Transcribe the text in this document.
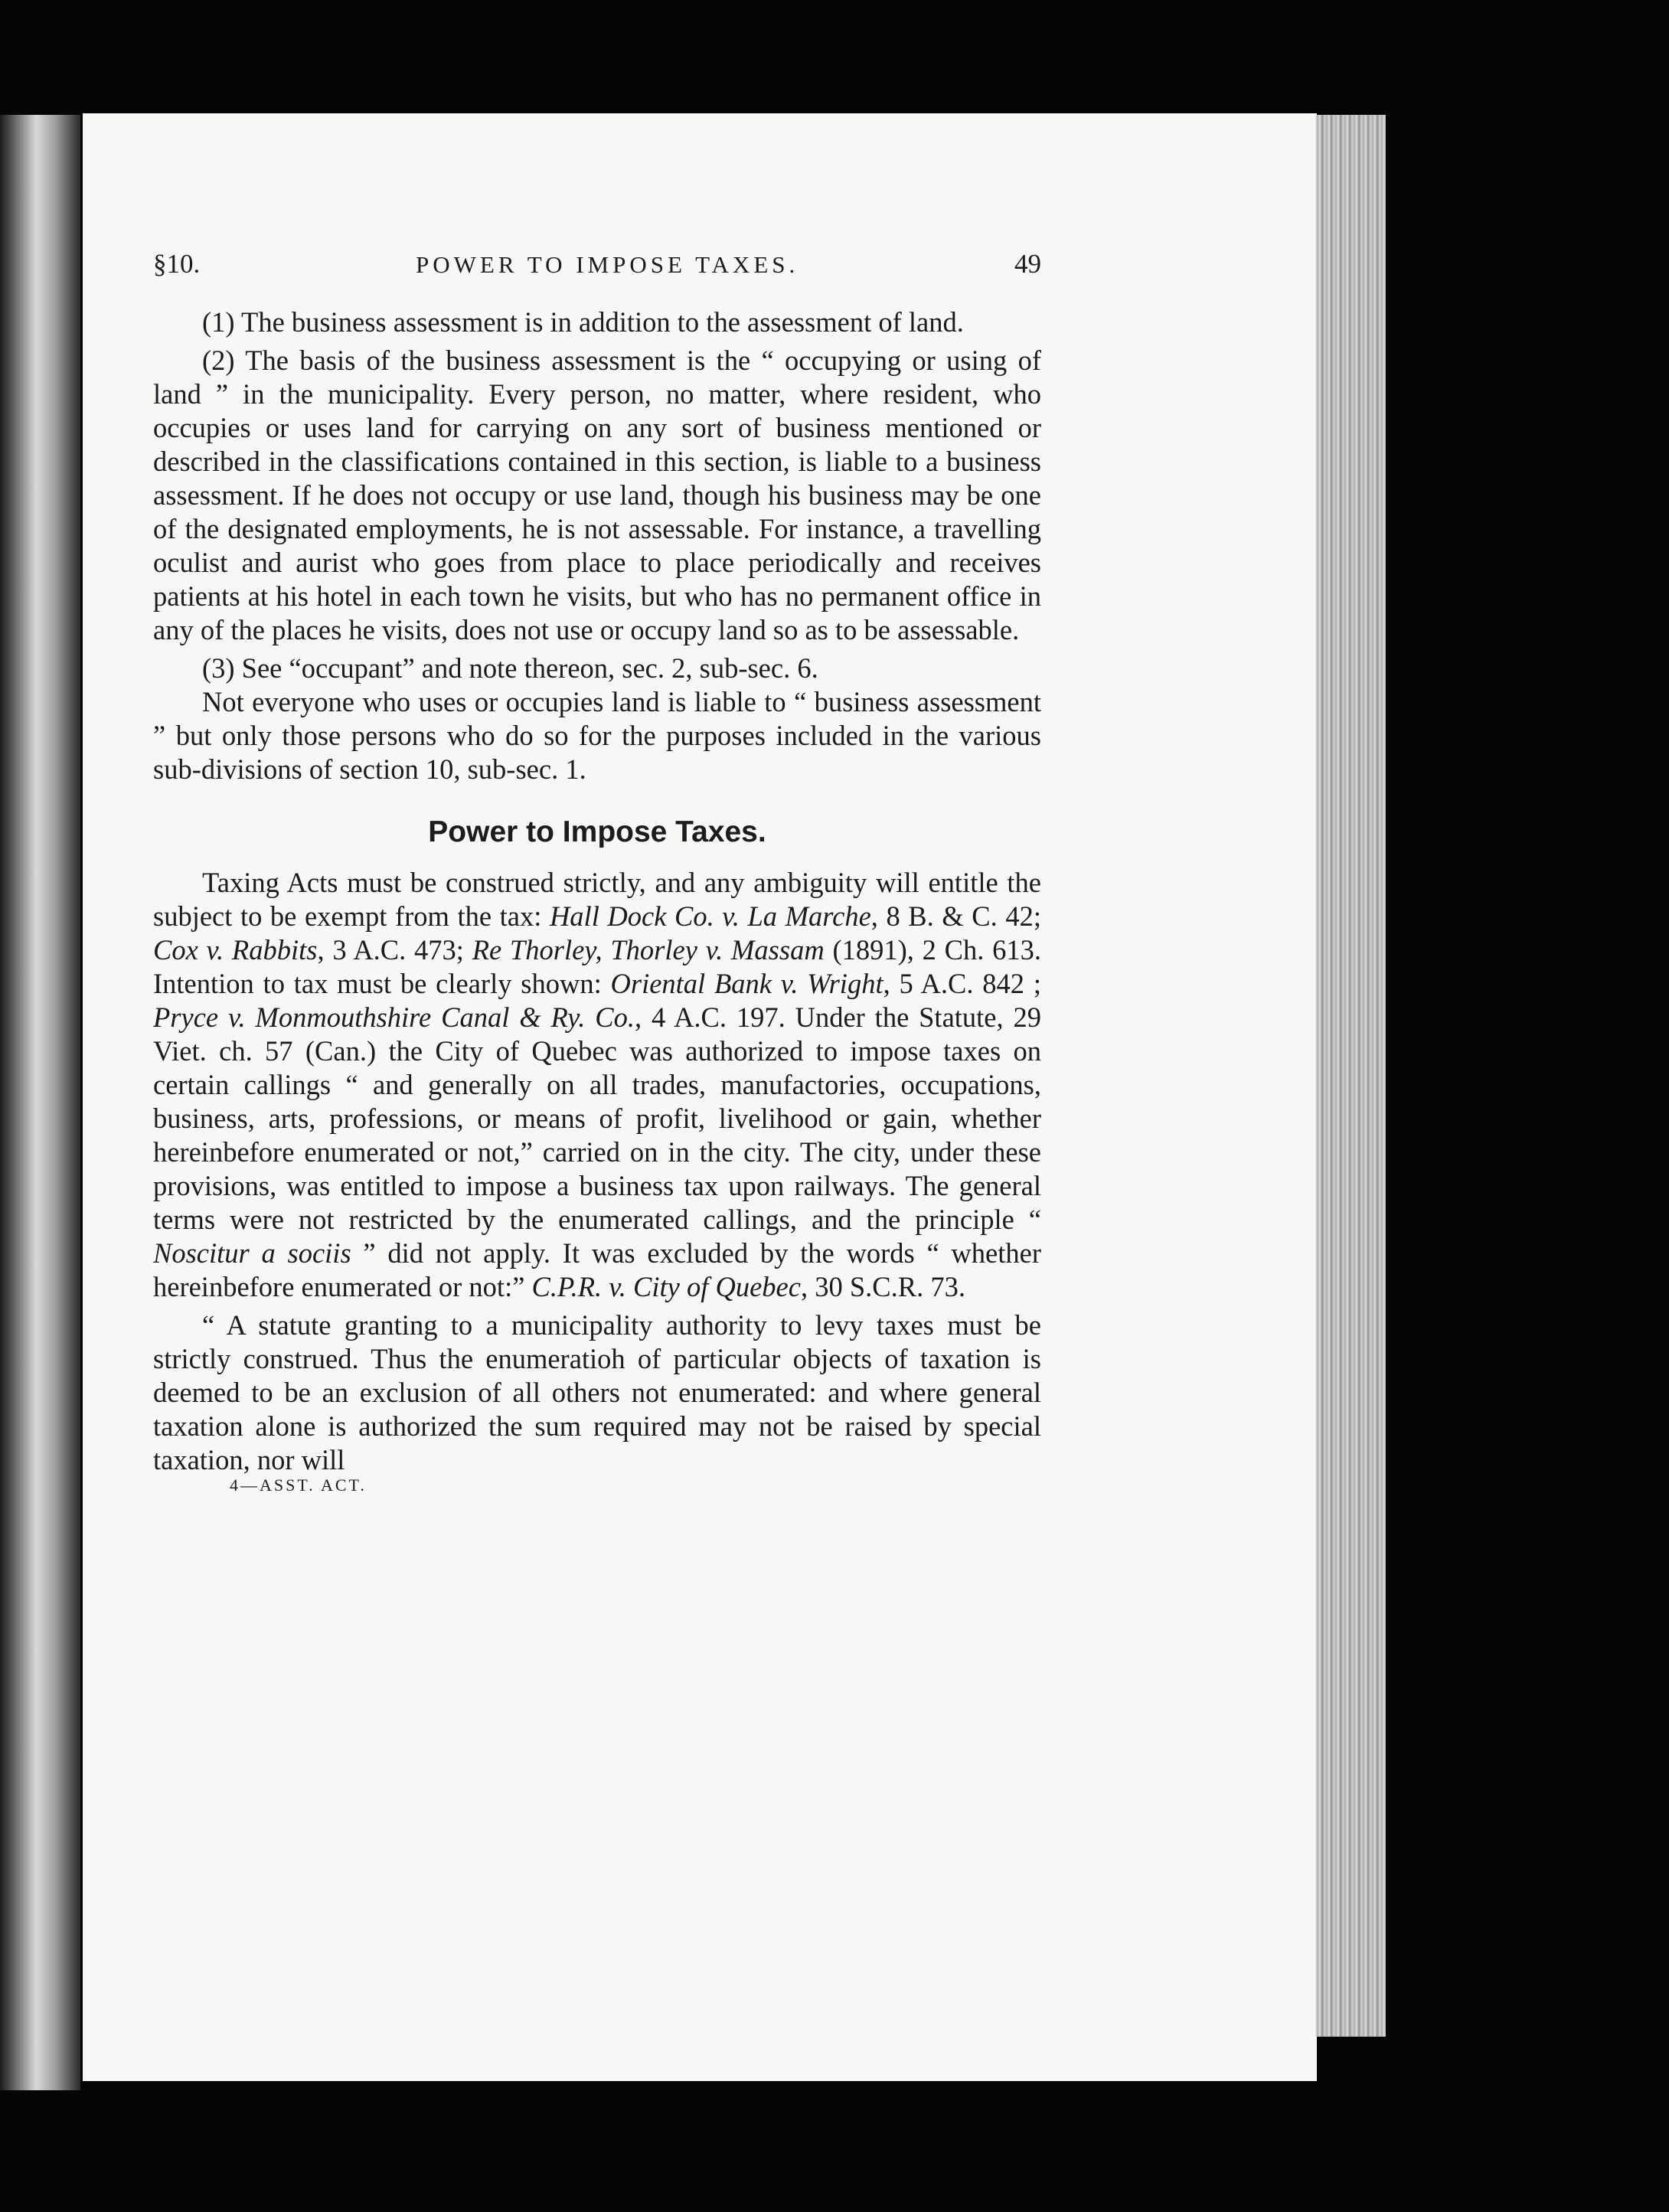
§10.	POWER TO IMPOSE TAXES.	49

(1) The business assessment is in addition to the assessment of land.

(2) The basis of the business assessment is the “ occupying or using of land ” in the municipality. Every person, no matter, where resident, who occupies or uses land for carrying on any sort of business mentioned or described in the classifications contained in this section, is liable to a business assessment. If he does not occupy or use land, though his business may be one of the designated employments, he is not assessable. For instance, a travelling oculist and aurist who goes from place to place periodically and receives patients at his hotel in each town he visits, but who has no permanent office in any of the places he visits, does not use or occupy land so as to be assessable.

(3) See “occupant” and note thereon, sec. 2, sub-sec. 6.

Not everyone who uses or occupies land is liable to “ business assessment ” but only those persons who do so for the purposes included in the various sub-divisions of section 10, sub-sec. 1.

Power to Impose Taxes.

Taxing Acts must be construed strictly, and any ambiguity will entitle the subject to be exempt from the tax: Hall Dock Co. v. La Marche, 8 B. & C. 42; Cox v. Rabbits, 3 A.C. 473; Re Thorley, Thorley v. Massam (1891), 2 Ch. 613. Intention to tax must be clearly shown: Oriental Bank v. Wright, 5 A.C. 842 ; Pryce v. Monmouthshire Canal & Ry. Co., 4 A.C. 197. Under the Statute, 29 Viet. ch. 57 (Can.) the City of Quebec was authorized to impose taxes on certain callings “ and generally on all trades, manufactories, occupations, business, arts, professions, or means of profit, livelihood or gain, whether hereinbefore enumerated or not,” carried on in the city. The city, under these provisions, was entitled to impose a business tax upon railways. The general terms were not restricted by the enumerated callings, and the principle “ Noscitur a sociis ” did not apply. It was excluded by the words “ whether hereinbefore enumerated or not:” C.P.R. v. City of Quebec, 30 S.C.R. 73.

“ A statute granting to a municipality authority to levy taxes must be strictly construed. Thus the enumeratioh of particular objects of taxation is deemed to be an exclusion of all others not enumerated: and where general taxation alone is authorized the sum required may not be raised by special taxation, nor will

4—ASST. ACT.
